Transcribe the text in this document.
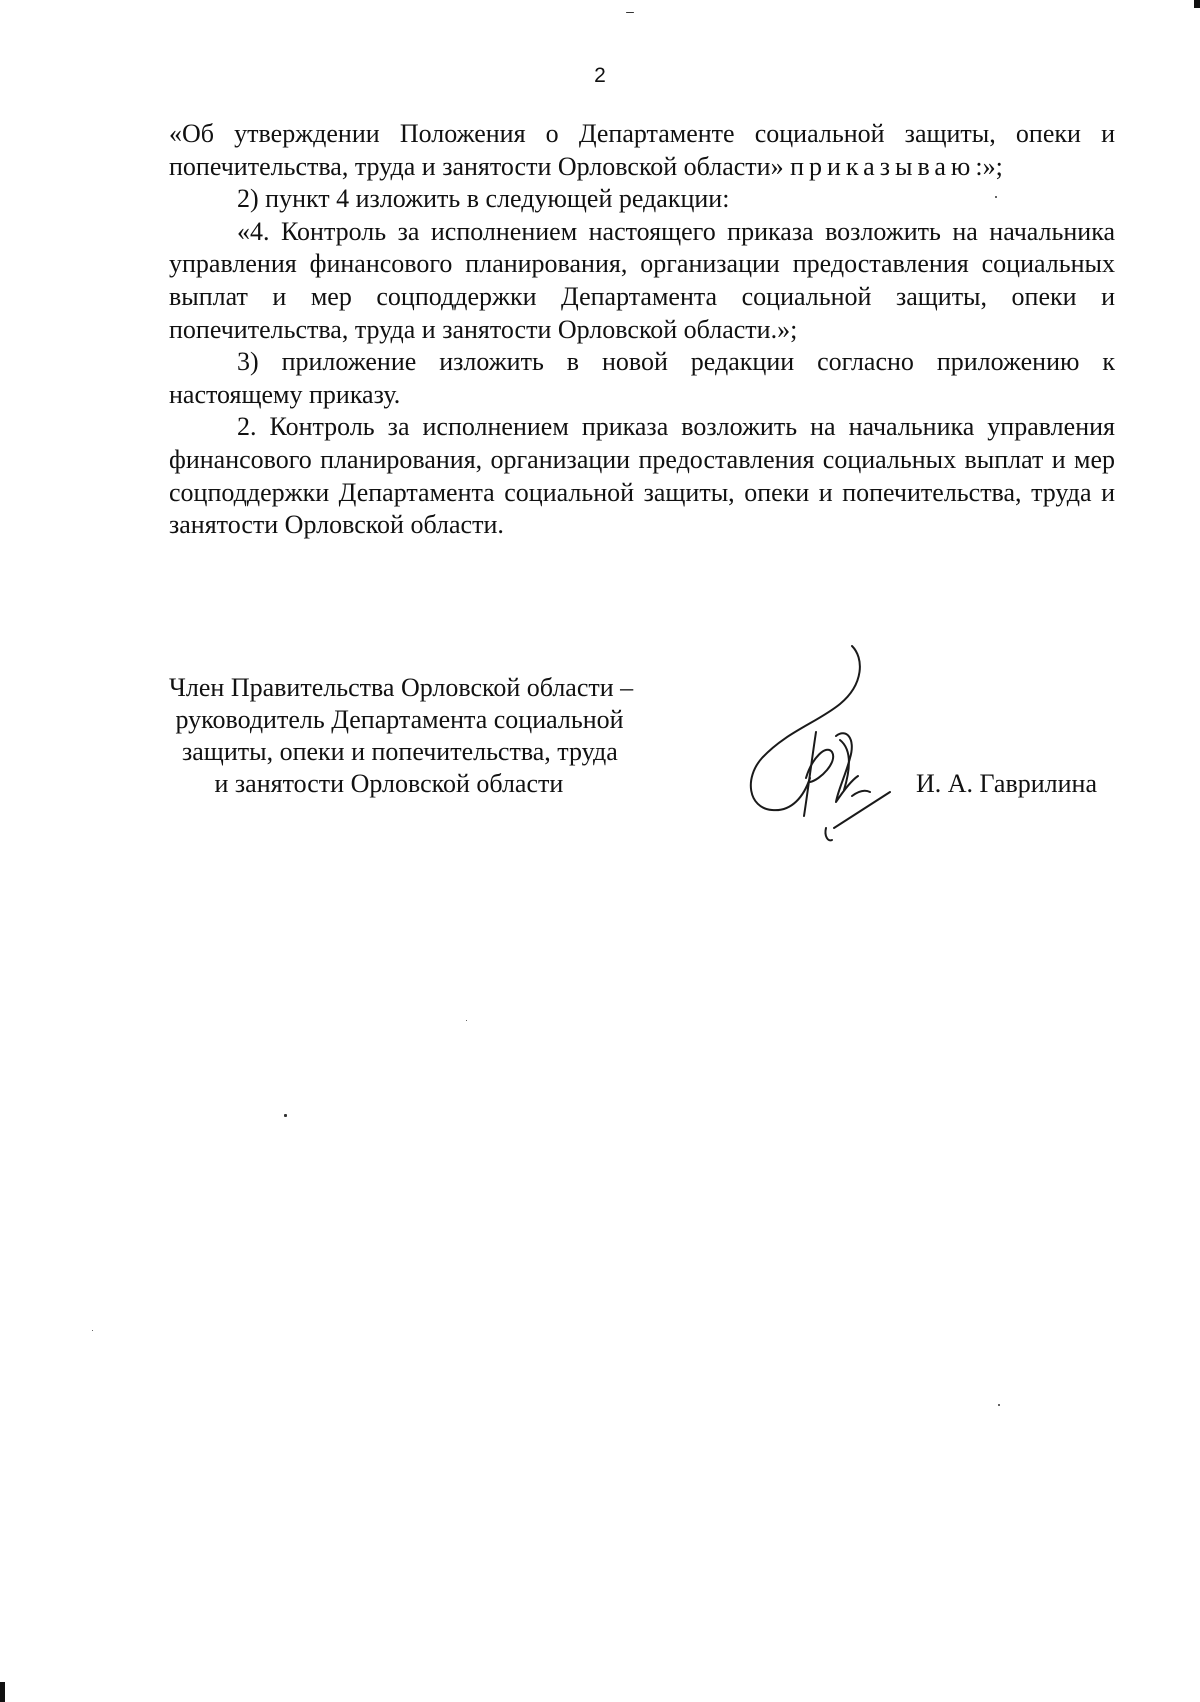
2

«Об утверждении Положения о Департаменте социальной защиты, опеки и попечительства, труда и занятости Орловской области» приказываю:»;

2) пункт 4 изложить в следующей редакции:

«4. Контроль за исполнением настоящего приказа возложить на начальника управления финансового планирования, организации предоставления социальных выплат и мер соцподдержки Департамента социальной защиты, опеки и попечительства, труда и занятости Орловской области.»;

3) приложение изложить в новой редакции согласно приложению к настоящему приказу.

2. Контроль за исполнением приказа возложить на начальника управления финансового планирования, организации предоставления социальных выплат и мер соцподдержки Департамента социальной защиты, опеки и попечительства, труда и занятости Орловской области.

Член Правительства Орловской области –
руководитель Департамента социальной
защиты, опеки и попечительства, труда
и занятости Орловской области	И. А. Гаврилина
